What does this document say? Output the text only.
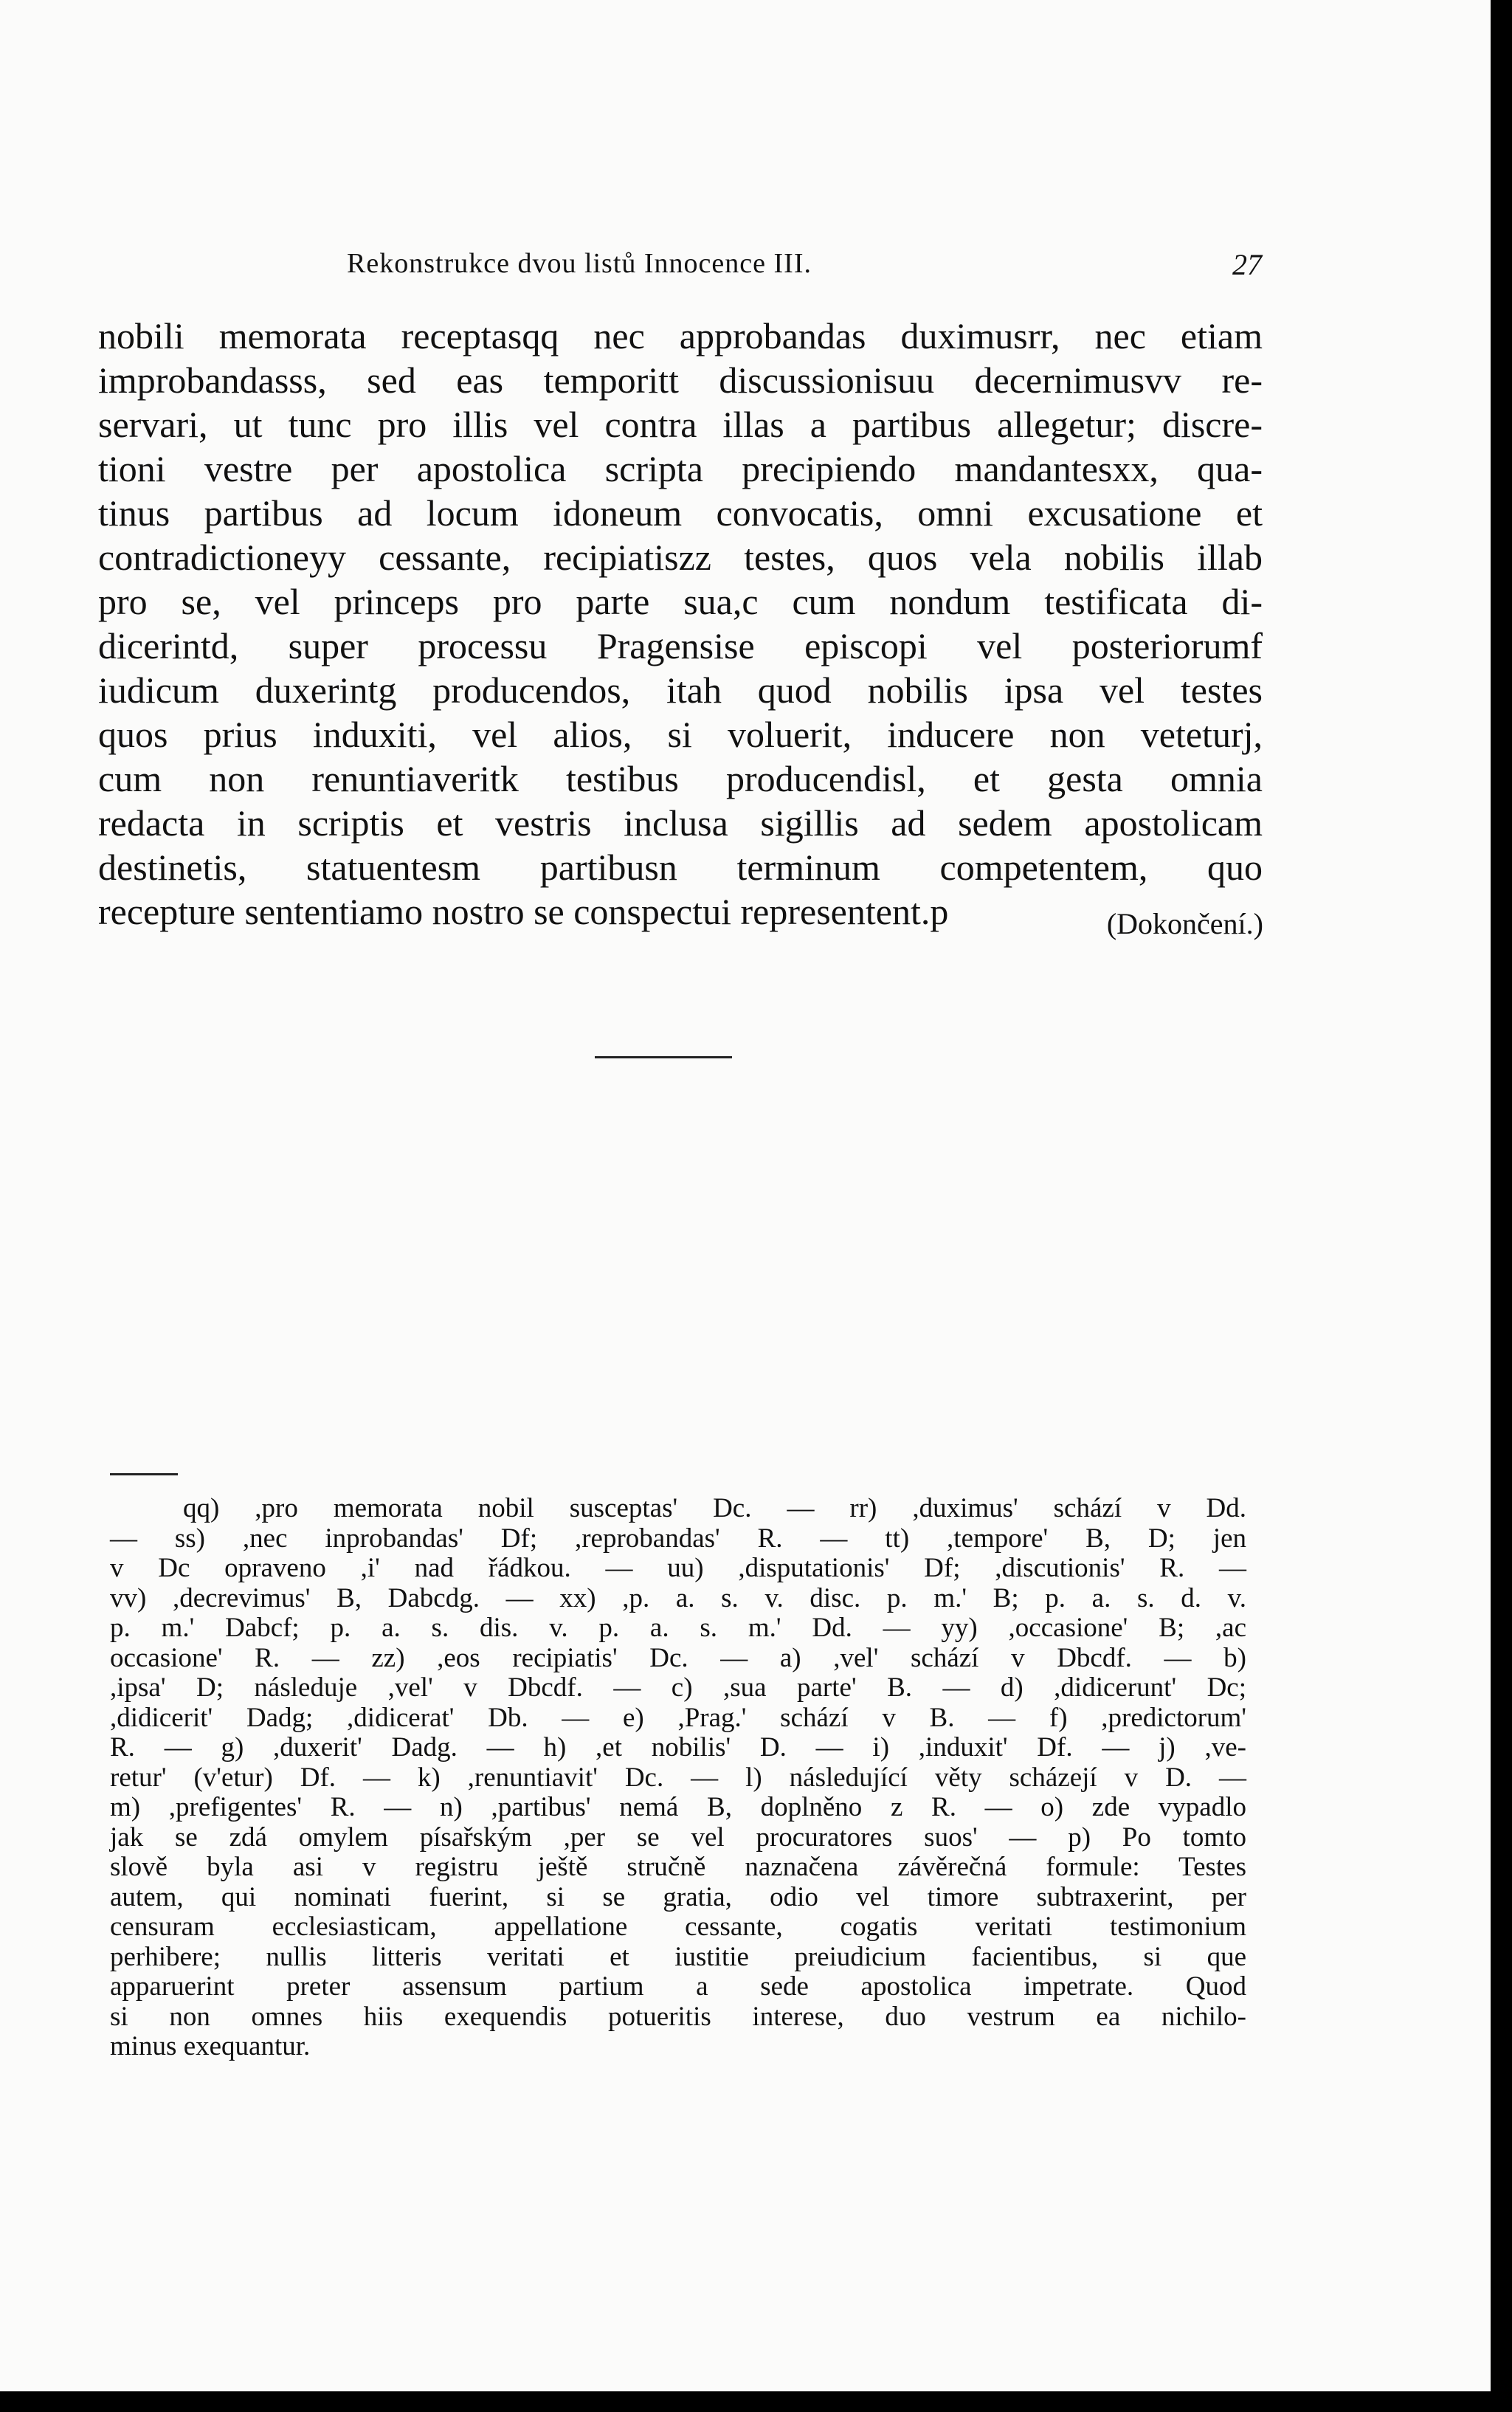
Rekonstrukce dvou listů Innocence III.	27
nobili memorata receptasqq nec approbandas duximusrr, nec etiam
improbandasss, sed eas temporitt discussionisuu decernimusvv re-
servari, ut tunc pro illis vel contra illas a partibus allegetur; discre-
tioni vestre per apostolica scripta precipiendo mandantesxx, qua-
tinus partibus ad locum idoneum convocatis, omni excusatione et
contradictioneyy cessante, recipiatiszz testes, quos vela nobilis illab
pro se, vel princeps pro parte sua,c cum nondum testificata di-
dicerintd, super processu Pragensise episcopi vel posteriorumf
iudicum duxerintg producendos, itah quod nobilis ipsa vel testes
quos prius induxiti, vel alios, si voluerit, inducere non veteturj,
cum non renuntiaveritk testibus producendisl, et gesta omnia
redacta in scriptis et vestris inclusa sigillis ad sedem apostolicam
destinetis, statuentesm partibusn terminum competentem, quo
recepture sententiamo nostro se conspectui representent.p	(Dokončení.)
qq) ,pro memorata nobil susceptas' Dc. — rr) ,duximus' schází v Dd.
— ss) ,nec inprobandas' Df; ,reprobandas' R. — tt) ,tempore' B, D; jen
v Dc opraveno ,i' nad řádkou. — uu) ,disputationis' Df; ,discutionis' R. —
vv) ,decrevimus' B, Dabcdg. — xx) ,p. a. s. v. disc. p. m.' B; p. a. s. d. v.
p. m.' Dabcf; p. a. s. dis. v. p. a. s. m.' Dd. — yy) ,occasione' B; ,ac
occasione' R. — zz) ,eos recipiatis' Dc. — a) ,vel' schází v Dbcdf. — b)
,ipsa' D; následuje ,vel' v Dbcdf. — c) ,sua parte' B. — d) ,didicerunt' Dc;
,didicerit' Dadg; ,didicerat' Db. — e) ,Prag.' schází v B. — f) ,predictorum'
R. — g) ,duxerit' Dadg. — h) ,et nobilis' D. — i) ,induxit' Df. — j) ,ve-
retur' (v'etur) Df. — k) ,renuntiavit' Dc. — l) následující věty scházejí v D. —
m) ,prefigentes' R. — n) ,partibus' nemá B, doplněno z R. — o) zde vypadlo
jak se zdá omylem písařským ,per se vel procuratores suos' — p) Po tomto
slově byla asi v registru ještě stručně naznačena závěrečná formule: Testes
autem, qui nominati fuerint, si se gratia, odio vel timore subtraxerint, per
censuram ecclesiasticam, appellatione cessante, cogatis veritati testimonium
perhibere; nullis litteris veritati et iustitie preiudicium facientibus, si que
apparuerint preter assensum partium a sede apostolica impetrate. Quod
si non omnes hiis exequendis potueritis interese, duo vestrum ea nichilo-
minus exequantur.
